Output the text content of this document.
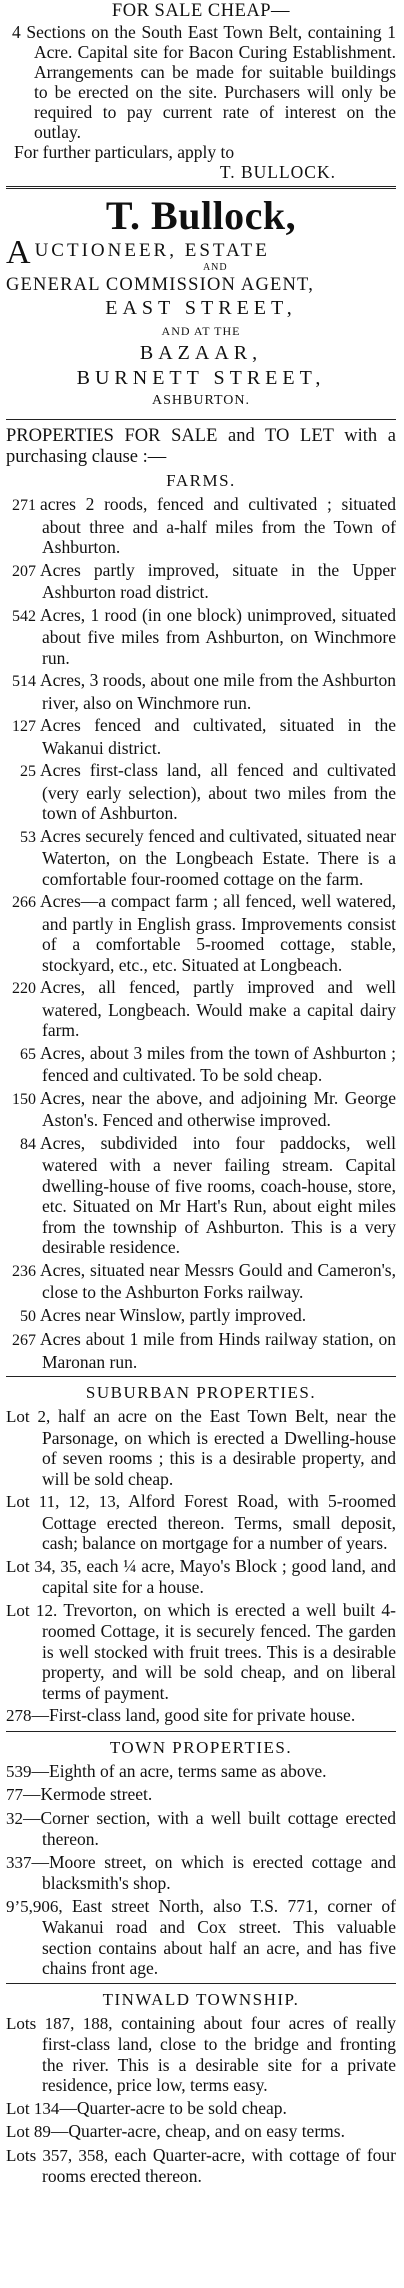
FOR SALE CHEAP—

4 Sections on the South East Town Belt, containing 1 Acre. Capital site for Bacon Curing Establishment. Arrangements can be made for suitable buildings to be erected on the site. Purchasers will only be required to pay current rate of interest on the outlay.

For further particulars, apply to

T. BULLOCK.

T. Bullock,

A UCTIONEER, ESTATE

AND

GENERAL COMMISSION AGENT,

EAST STREET,

AND AT THE

BAZAAR,

BURNETT STREET,

ASHBURTON.

PROPERTIES FOR SALE and TO LET with a purchasing clause :—

FARMS.

271 acres 2 roods, fenced and cultivated ; situated about three and a-half miles from the Town of Ashburton.

207 Acres partly improved, situate in the Upper Ashburton road district.

542 Acres, 1 rood (in one block) unimproved, situated about five miles from Ashburton, on Winchmore run.

514 Acres, 3 roods, about one mile from the Ashburton river, also on Winchmore run.

127 Acres fenced and cultivated, situated in the Wakanui district.

25 Acres first-class land, all fenced and cultivated (very early selection), about two miles from the town of Ashburton.

53 Acres securely fenced and cultivated, situated near Waterton, on the Longbeach Estate. There is a comfortable four-roomed cottage on the farm.

266 Acres—a compact farm ; all fenced, well watered, and partly in English grass. Improvements consist of a comfortable 5-roomed cottage, stable, stockyard, etc., etc. Situated at Longbeach.

220 Acres, all fenced, partly improved and well watered, Longbeach. Would make a capital dairy farm.

65 Acres, about 3 miles from the town of Ashburton ; fenced and cultivated. To be sold cheap.

150 Acres, near the above, and adjoining Mr. George Aston's. Fenced and otherwise improved.

84 Acres, subdivided into four paddocks, well watered with a never failing stream. Capital dwelling-house of five rooms, coach-house, store, etc. Situated on Mr Hart's Run, about eight miles from the township of Ashburton. This is a very desirable residence.

236 Acres, situated near Messrs Gould and Cameron's, close to the Ashburton Forks railway.

50 Acres near Winslow, partly improved.

267 Acres about 1 mile from Hinds railway station, on Maronan run.

SUBURBAN PROPERTIES.

Lot 2, half an acre on the East Town Belt, near the Parsonage, on which is erected a Dwelling-house of seven rooms ; this is a desirable property, and will be sold cheap.

Lot 11, 12, 13, Alford Forest Road, with 5-roomed Cottage erected thereon. Terms, small deposit, cash; balance on mortgage for a number of years.

Lot 34, 35, each ¼ acre, Mayo's Block ; good land, and capital site for a house.

Lot 12. Trevorton, on which is erected a well built 4-roomed Cottage, it is securely fenced. The garden is well stocked with fruit trees. This is a desirable property, and will be sold cheap, and on liberal terms of payment.

278—First-class land, good site for private house.

TOWN PROPERTIES.

539—Eighth of an acre, terms same as above.

77—Kermode street.

32—Corner section, with a well built cottage erected thereon.

337—Moore street, on which is erected cottage and blacksmith's shop.

9’5,906, East street North, also T.S. 771, corner of Wakanui road and Cox street. This valuable section contains about half an acre, and has five chains front age.

TINWALD TOWNSHIP.

Lots 187, 188, containing about four acres of really first-class land, close to the bridge and fronting the river. This is a desirable site for a private residence, price low, terms easy.

Lot 134—Quarter-acre to be sold cheap.

Lot 89—Quarter-acre, cheap, and on easy terms.

Lots 357, 358, each Quarter-acre, with cottage of four rooms erected thereon.
